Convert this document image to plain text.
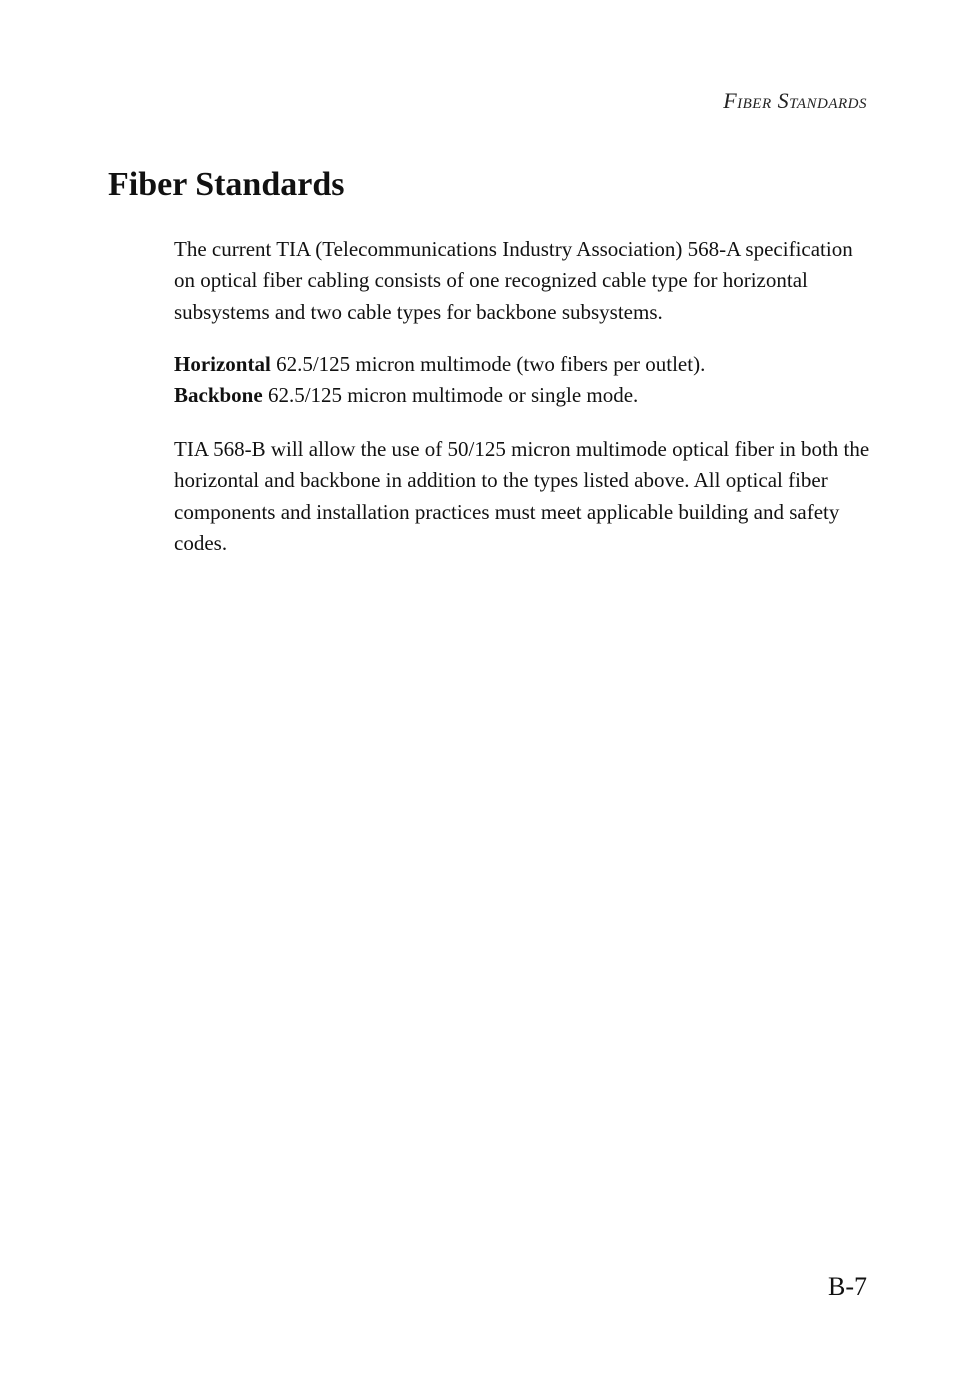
Fiber Standards
Fiber Standards

The current TIA (Telecommunications Industry Association) 568-A specification on optical fiber cabling consists of one recognized cable type for horizontal subsystems and two cable types for backbone subsystems.

Horizontal 62.5/125 micron multimode (two fibers per outlet).
Backbone 62.5/125 micron multimode or single mode.

TIA 568-B will allow the use of 50/125 micron multimode optical fiber in both the horizontal and backbone in addition to the types listed above. All optical fiber components and installation practices must meet applicable building and safety codes.

B-7
